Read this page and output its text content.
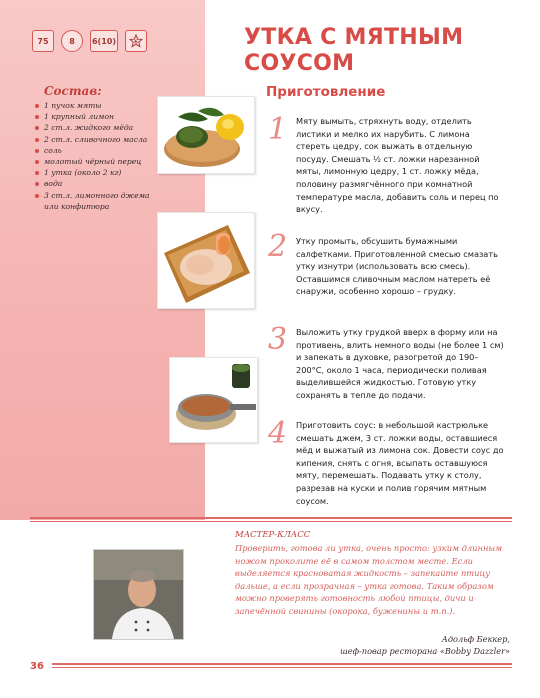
75	8 6(10)	6
Состав:
1 пучок мяты
1 крупный лимон
2 ст.л. жидкого мёда
2 ст.л. сливочного масла
соль
молотый чёрный перец
1 утка (около 2 кг)
вода
3 ст.л. лимонного джема
или конфитюра
УТКА С МЯТНЫМ
СОУСОМ
Приготовление
1
2
3
4
Мяту вымыть, стряхнуть воду, отделить листики и мелко их нарубить. С лимона стереть цедру, сок выжать в отдельную посуду. Смешать ½ ст. ложки нарезанной мяты, лимонную цедру, 1 ст. ложку мёда, половину размягчённого при комнатной температуре масла, добавить соль и перец по вкусу.
Утку промыть, обсушить бумажными салфетками. Приготовленной смесью смазать утку изнутри (использовать всю смесь). Оставшимся сливочным маслом натереть её снаружи, особенно хорошо – грудку.
Выложить утку грудкой вверх в форму или на противень, влить немного воды (не более 1 см) и запекать в духовке, разогретой до 190–200°C, около 1 часа, периодически поливая выделившейся жидкостью. Готовую утку сохранять в тепле до подачи.
Приготовить соус: в небольшой кастрюльке смешать джем, 3 ст. ложки воды, оставшиеся мёд и выжатый из лимона сок. Довести соус до кипения, снять с огня, всыпать оставшуюся мяту, перемешать. Подавать утку к столу, разрезав на куски и полив горячим мятным соусом.
МАСТЕР-КЛАСС
Проверить, готова ли утка, очень просто: узким длинным ножом проколите её в самом толстом месте. Если выделяется красноватая жидкость – запекайте птицу дальше, а если прозрачная – утка готова. Таким образом можно проверять готовность любой птицы, дичи и запечённой свинины (окорока, буженины и т.п.).
Адольф Беккер,
шеф-повар ресторана «Bobby Dazzler»
36
